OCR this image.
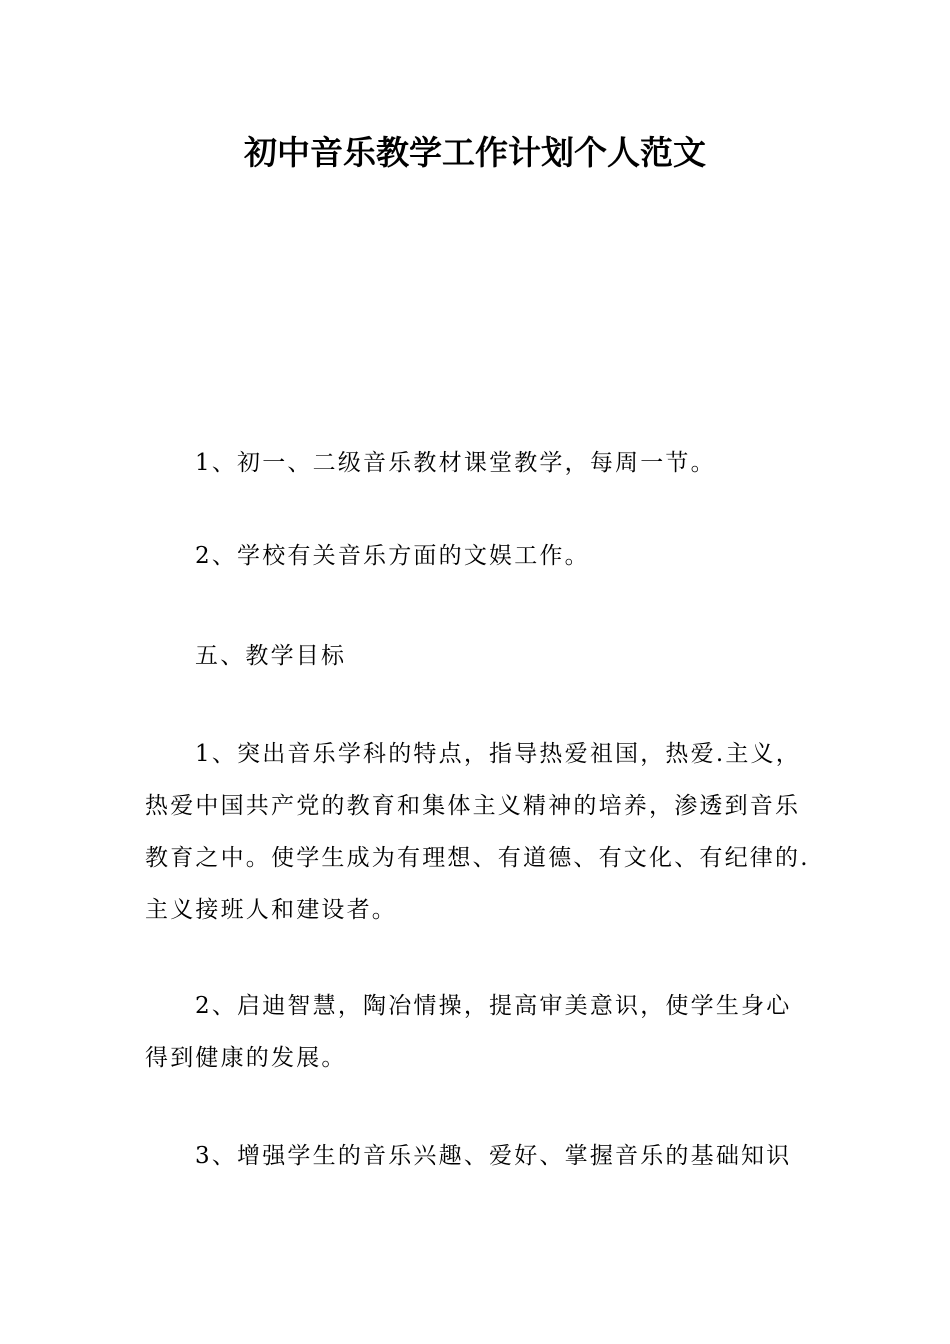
初中音乐教学工作计划个人范文

1、初一、二级音乐教材课堂教学，每周一节。

2、学校有关音乐方面的文娱工作。

五、教学目标

1、突出音乐学科的特点，指导热爱祖国，热爱.主义，热爱中国共产党的教育和集体主义精神的培养，渗透到音乐教育之中。使学生成为有理想、有道德、有文化、有纪律的.主义接班人和建设者。

2、启迪智慧，陶冶情操，提高审美意识，使学生身心得到健康的发展。

3、增强学生的音乐兴趣、爱好、掌握音乐的基础知识
